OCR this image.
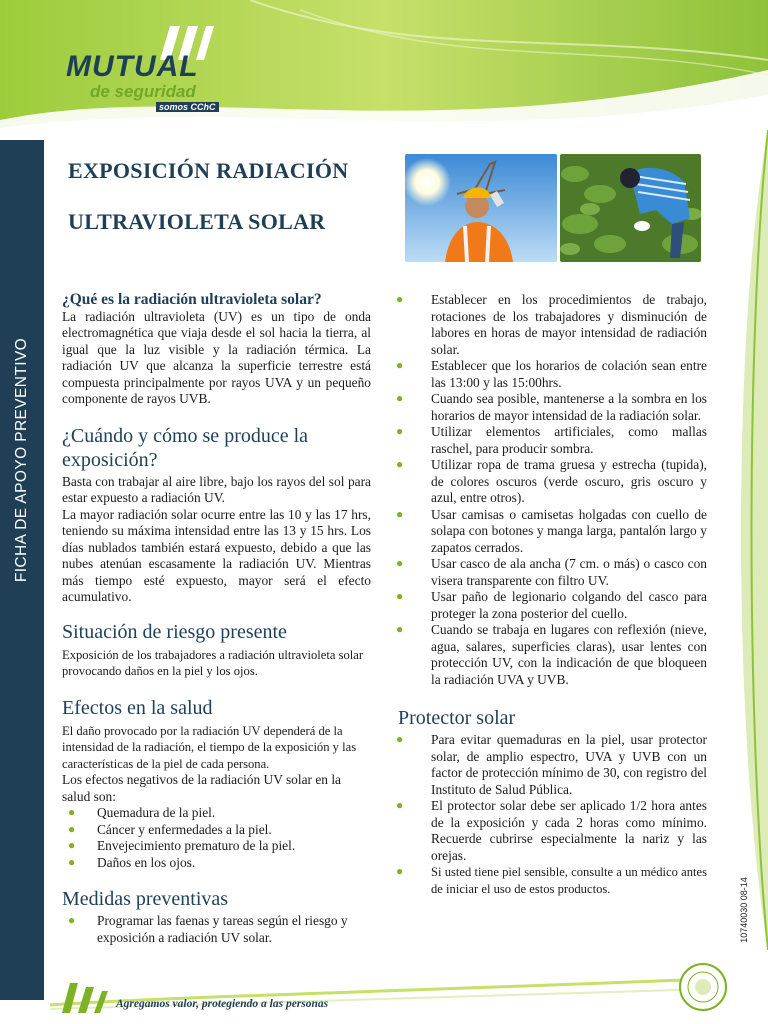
MUTUAL
de seguridad
somos CChC
FICHA DE APOYO PREVENTIVO
EXPOSICIÓN RADIACIÓN
ULTRAVIOLETA SOLAR

¿Qué es la radiación ultravioleta solar?

La radiación ultravioleta (UV) es un tipo de onda electromagnética que viaja desde el sol hacia la tierra, al igual que la luz visible y la radiación térmica. La radiación UV que alcanza la superficie terrestre está compuesta principalmente por rayos UVA y un pequeño componente de rayos UVB.

¿Cuándo y cómo se produce la exposición?

Basta con trabajar al aire libre, bajo los rayos del sol para estar expuesto a radiación UV.

La mayor radiación solar ocurre entre las 10 y las 17 hrs, teniendo su máxima intensidad entre las 13 y 15 hrs. Los días nublados también estará expuesto, debido a que las nubes atenúan escasamente la radiación UV. Mientras más tiempo esté expuesto, mayor será el efecto acumulativo.

Situación de riesgo presente

Exposición de los trabajadores a radiación ultravioleta solar provocando daños en la piel y los ojos.

Efectos en la salud

El daño provocado por la radiación UV dependerá de la intensidad de la radiación, el tiempo de la exposición y las características de la piel de cada persona.

Los efectos negativos de la radiación UV solar en la salud son:

● Quemadura de la piel.
● Cáncer y enfermedades a la piel.
● Envejecimiento prematuro de la piel.
● Daños en los ojos.

Medidas preventivas

● Programar las faenas y tareas según el riesgo y exposición a radiación UV solar.
● Establecer en los procedimientos de trabajo, rotaciones de los trabajadores y disminución de labores en horas de mayor intensidad de radiación solar.
● Establecer que los horarios de colación sean entre las 13:00 y las 15:00hrs.
● Cuando sea posible, mantenerse a la sombra en los horarios de mayor intensidad de la radiación solar.
● Utilizar elementos artificiales, como mallas raschel, para producir sombra.
● Utilizar ropa de trama gruesa y estrecha (tupida), de colores oscuros (verde oscuro, gris oscuro y azul, entre otros).
● Usar camisas o camisetas holgadas con cuello de solapa con botones y manga larga, pantalón largo y zapatos cerrados.
● Usar casco de ala ancha (7 cm. o más) o casco con visera transparente con filtro UV.
● Usar paño de legionario colgando del casco para proteger la zona posterior del cuello.
● Cuando se trabaja en lugares con reflexión (nieve, agua, salares, superficies claras), usar lentes con protección UV, con la indicación de que bloqueen la radiación UVA y UVB.

Protector solar

● Para evitar quemaduras en la piel, usar protector solar, de amplio espectro, UVA y UVB con un factor de protección mínimo de 30, con registro del Instituto de Salud Pública.
● El protector solar debe ser aplicado 1/2 hora antes de la exposición y cada 2 horas como mínimo. Recuerde cubrirse especialmente la nariz y las orejas.
● Si usted tiene piel sensible, consulte a un médico antes de iniciar el uso de estos productos.	10740030 08-14
Agregamos valor, protegiendo a las personas
